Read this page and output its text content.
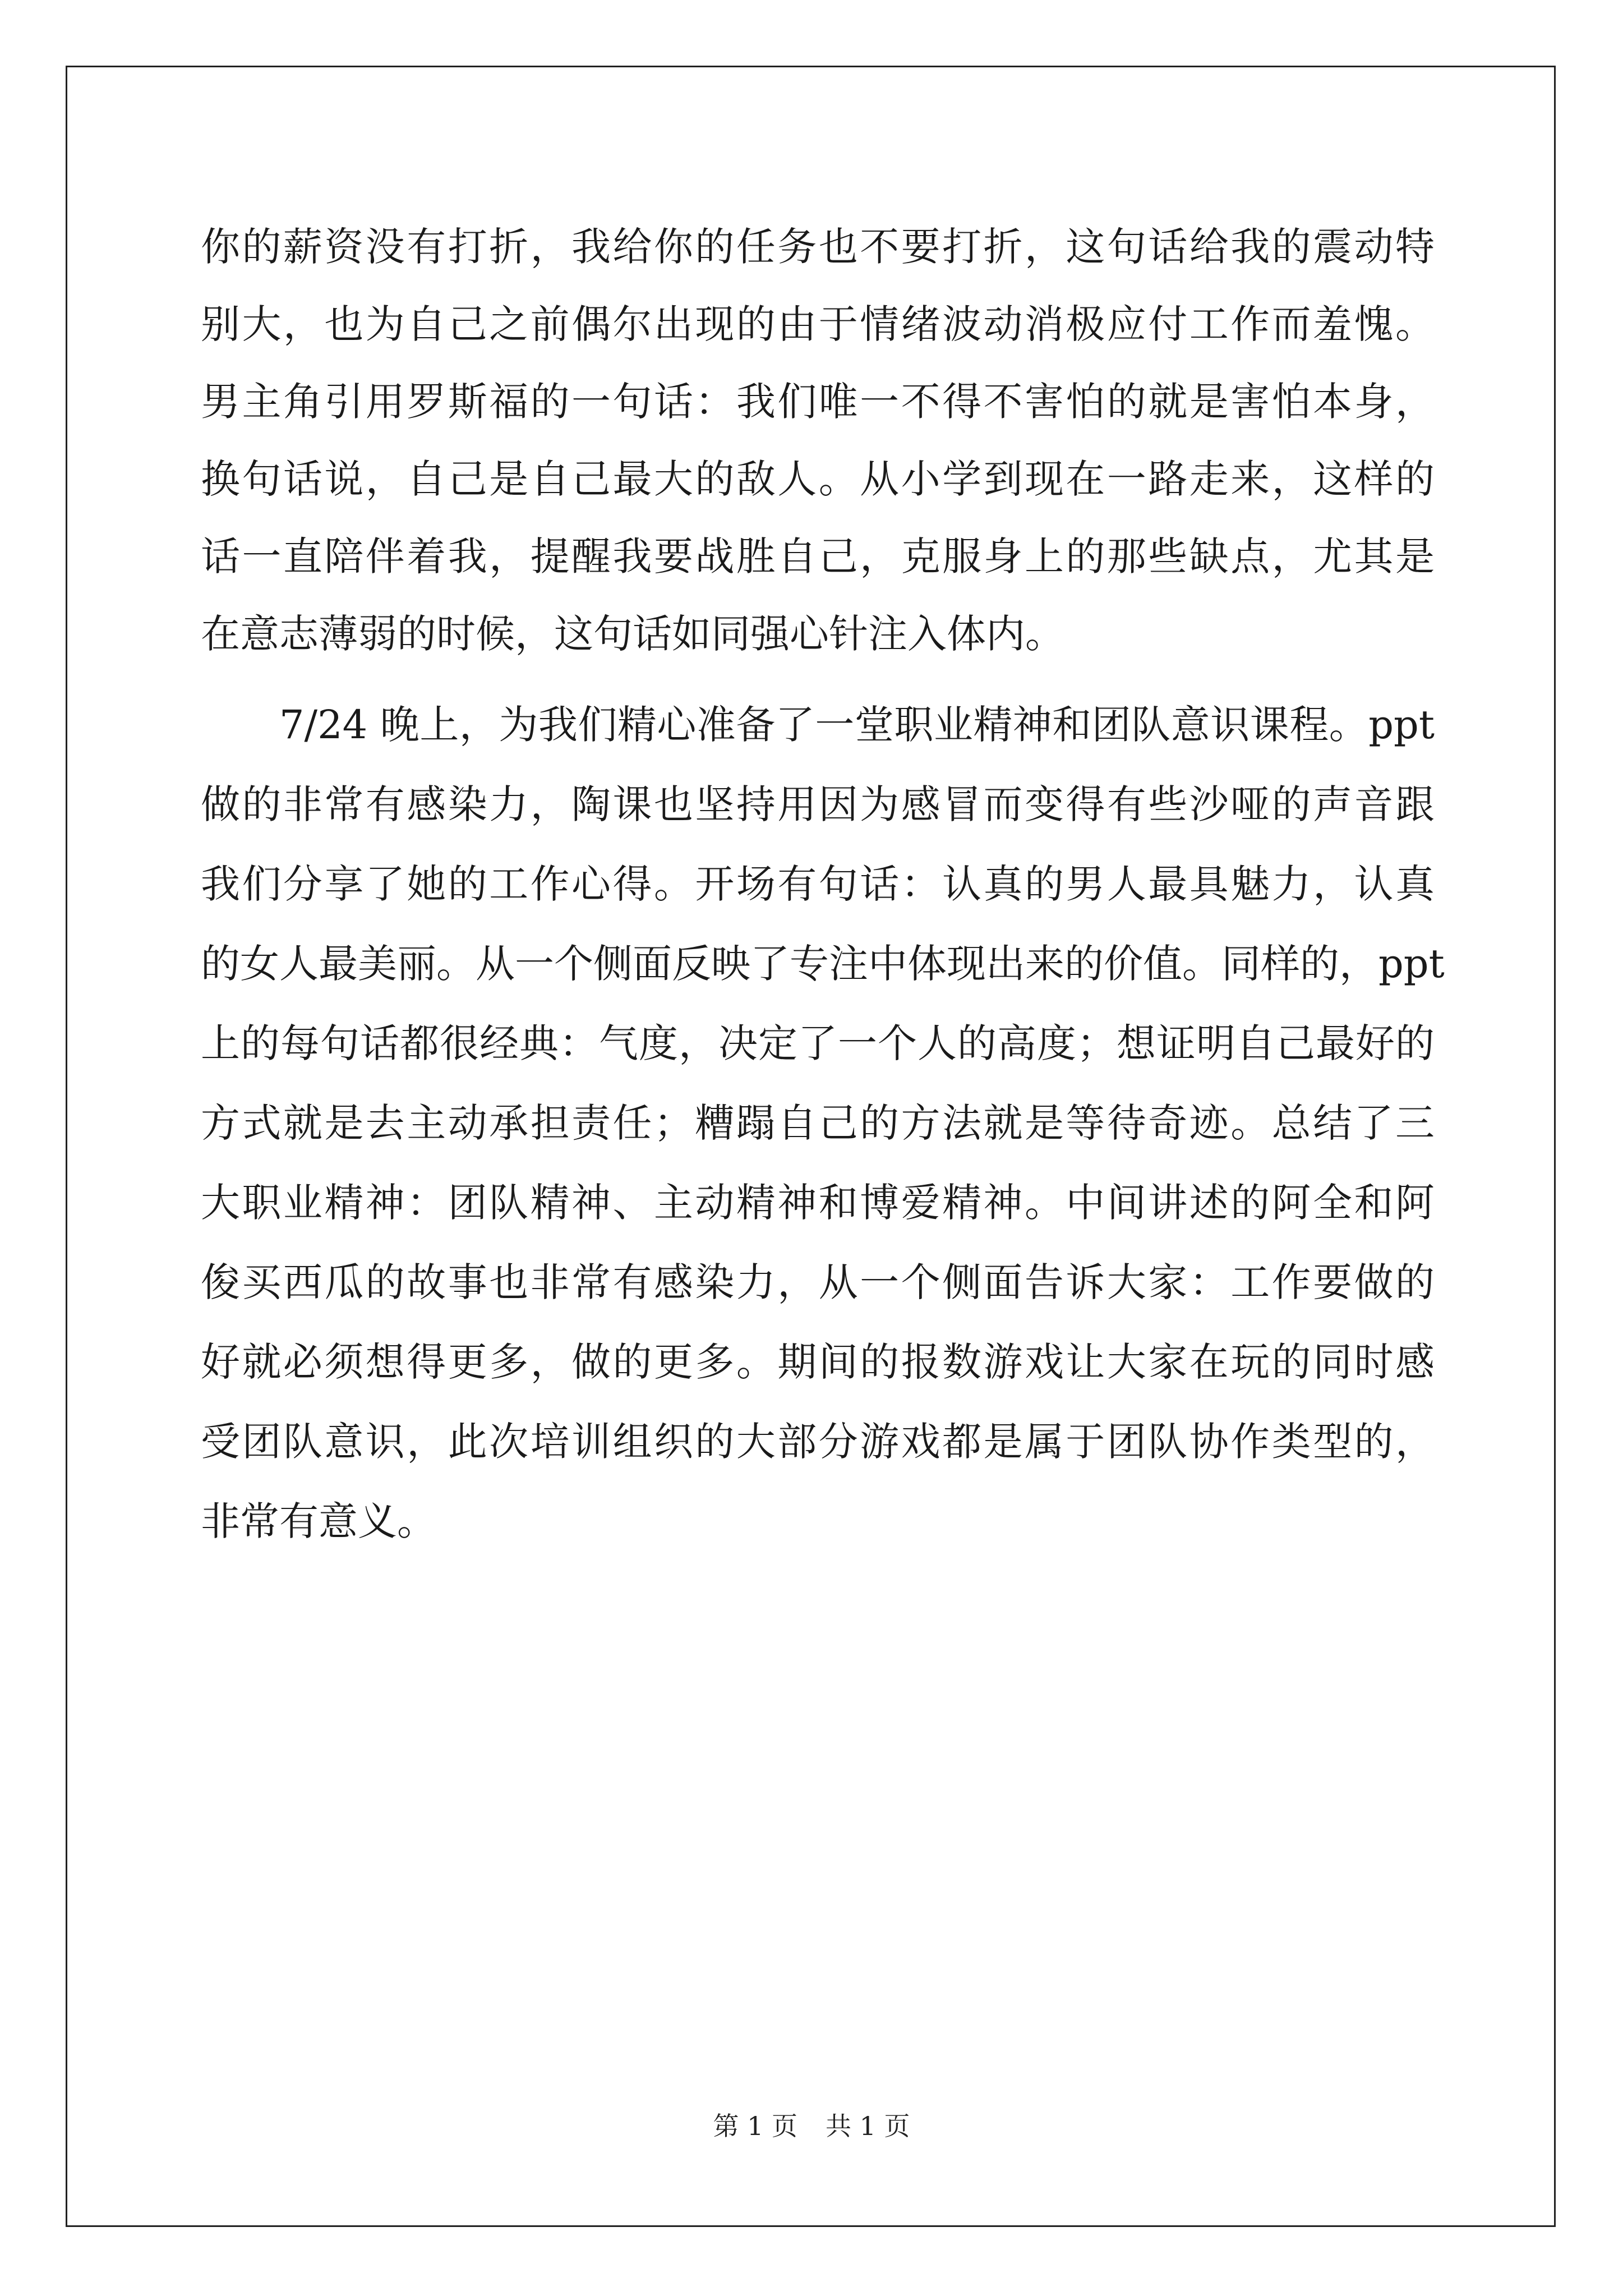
你的薪资没有打折，我给你的任务也不要打折，这句话给我的震动特
别大，也为自己之前偶尔出现的由于情绪波动消极应付工作而羞愧。
男主角引用罗斯福的一句话：我们唯一不得不害怕的就是害怕本身，
换句话说，自己是自己最大的敌人。从小学到现在一路走来，这样的
话一直陪伴着我，提醒我要战胜自己，克服身上的那些缺点，尤其是
在意志薄弱的时候，这句话如同强心针注入体内。
7/24 晚上，为我们精心准备了一堂职业精神和团队意识课程。ppt
做的非常有感染力，陶课也坚持用因为感冒而变得有些沙哑的声音跟
我们分享了她的工作心得。开场有句话：认真的男人最具魅力，认真
的女人最美丽。从一个侧面反映了专注中体现出来的价值。同样的，ppt
上的每句话都很经典：气度，决定了一个人的高度；想证明自己最好的
方式就是去主动承担责任；糟蹋自己的方法就是等待奇迹。总结了三
大职业精神：团队精神、主动精神和博爱精神。中间讲述的阿全和阿
俊买西瓜的故事也非常有感染力，从一个侧面告诉大家：工作要做的
好就必须想得更多，做的更多。期间的报数游戏让大家在玩的同时感
受团队意识，此次培训组织的大部分游戏都是属于团队协作类型的，
非常有意义。
第 1 页 共 1 页
